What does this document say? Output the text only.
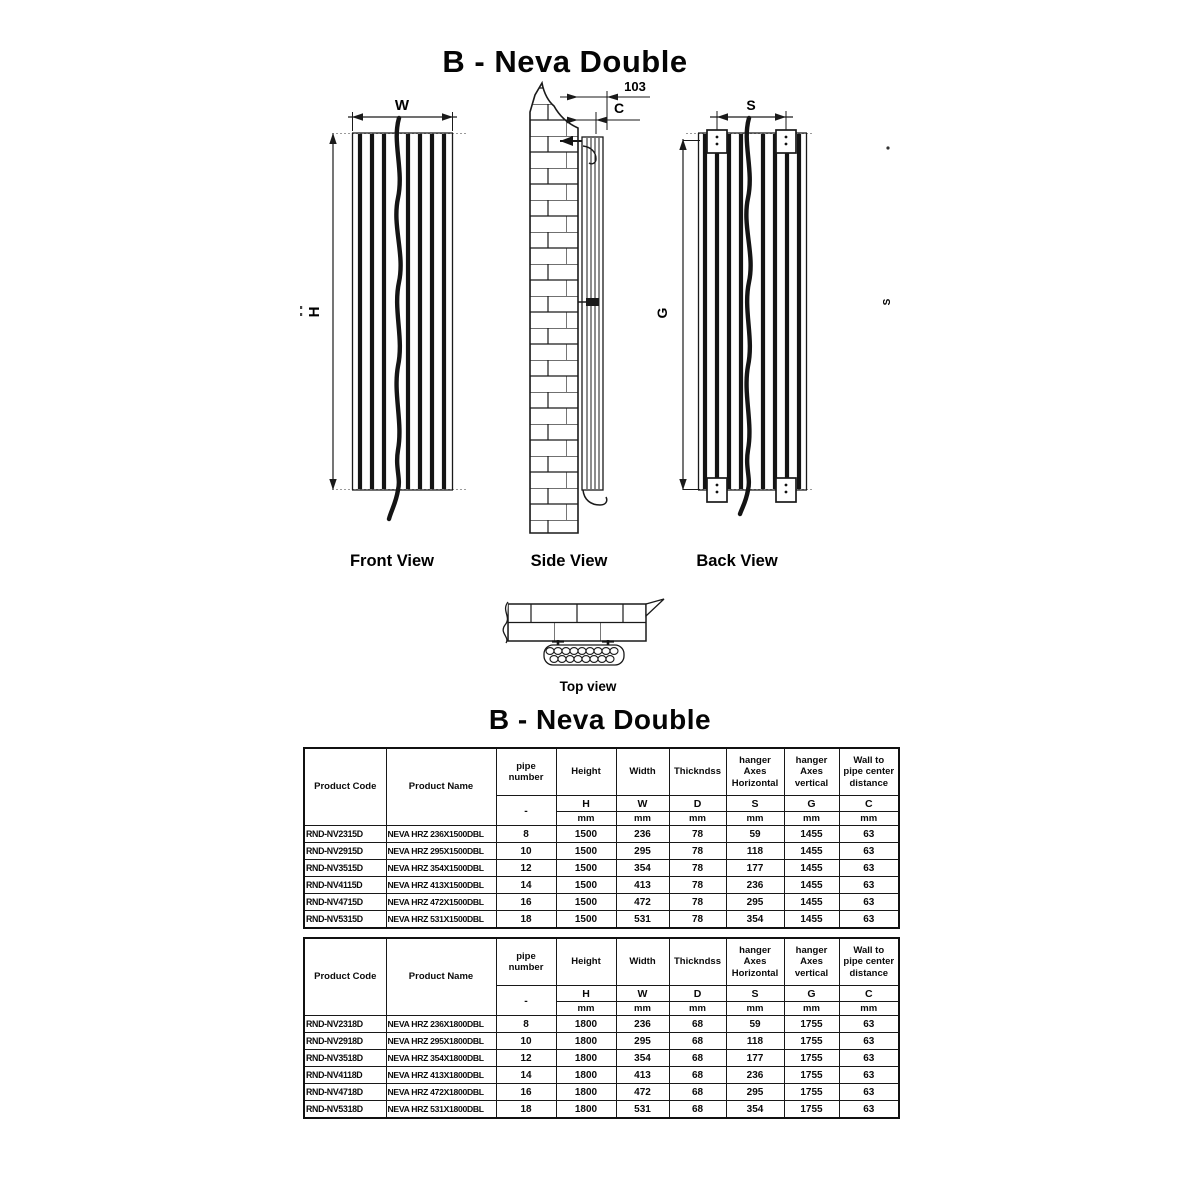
B - Neva Double
W
H
Front View
103
C
Side View
S
G
Back View
S
Top view
B - Neva Double
Product Code	Product Name	pipe
number	Height	Width	Thickndss	hanger
Axes
Horizontal	hanger
Axes
vertical	Wall to
pipe center
distance
		-	H	W	D	S	G	C
			mm	mm	mm	mm	mm	mm
RND-NV2315D	NEVA HRZ 236X1500DBL	8	1500	236	78	59	1455	63
RND-NV2915D	NEVA HRZ 295X1500DBL	10	1500	295	78	118	1455	63
RND-NV3515D	NEVA HRZ 354X1500DBL	12	1500	354	78	177	1455	63
RND-NV4115D	NEVA HRZ 413X1500DBL	14	1500	413	78	236	1455	63
RND-NV4715D	NEVA HRZ 472X1500DBL	16	1500	472	78	295	1455	63
RND-NV5315D	NEVA HRZ 531X1500DBL	18	1500	531	78	354	1455	63
Product Code	Product Name	pipe
number	Height	Width	Thickndss	hanger
Axes
Horizontal	hanger
Axes
vertical	Wall to
pipe center
distance
		-	H	W	D	S	G	C
			mm	mm	mm	mm	mm	mm
RND-NV2318D	NEVA HRZ 236X1800DBL	8	1800	236	68	59	1755	63
RND-NV2918D	NEVA HRZ 295X1800DBL	10	1800	295	68	118	1755	63
RND-NV3518D	NEVA HRZ 354X1800DBL	12	1800	354	68	177	1755	63
RND-NV4118D	NEVA HRZ 413X1800DBL	14	1800	413	68	236	1755	63
RND-NV4718D	NEVA HRZ 472X1800DBL	16	1800	472	68	295	1755	63
RND-NV5318D	NEVA HRZ 531X1800DBL	18	1800	531	68	354	1755	63
